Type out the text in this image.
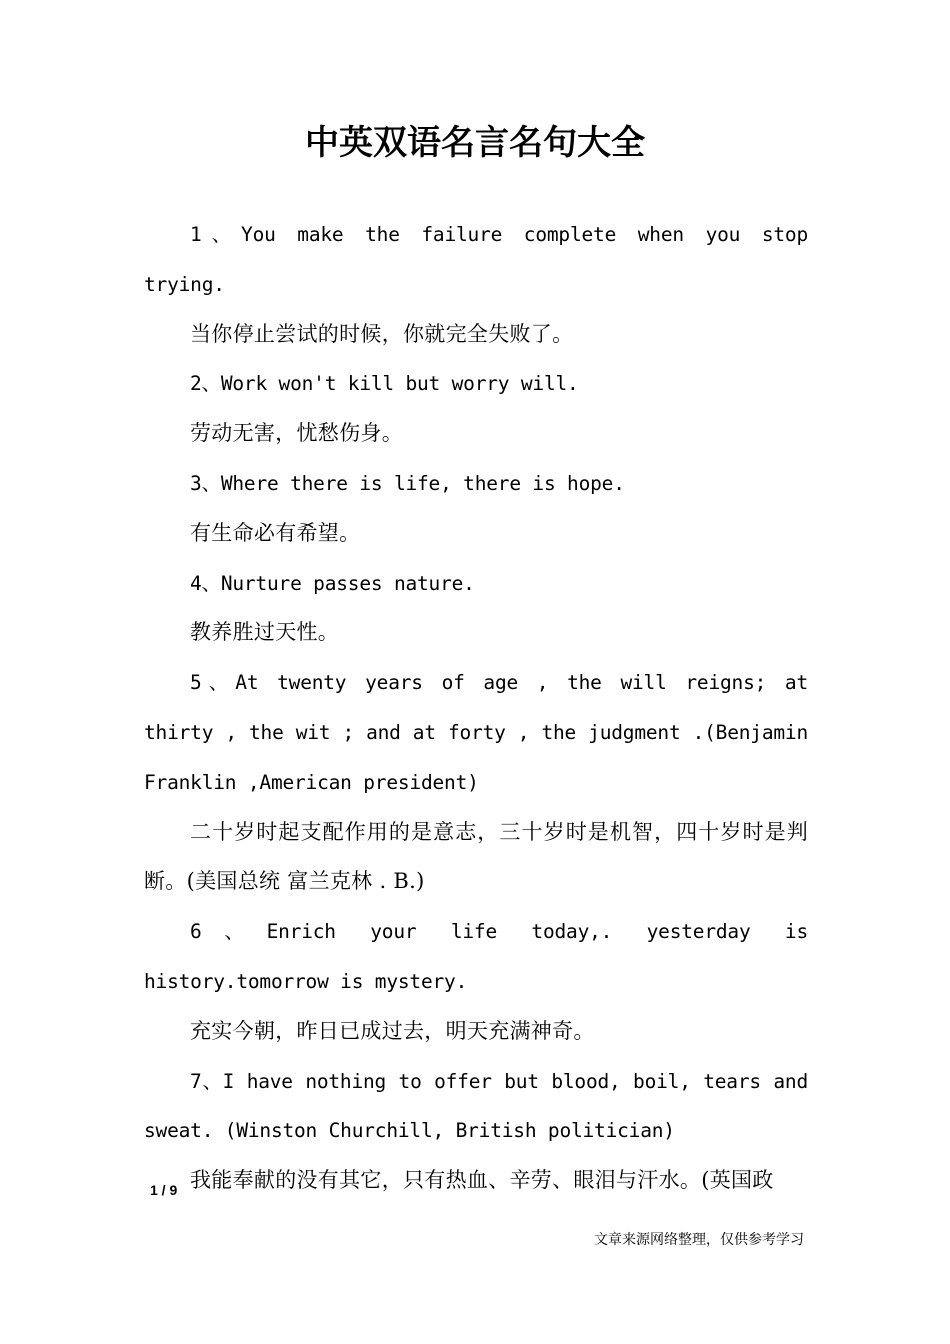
中英双语名言名句大全

1、You make the failure complete when you stop trying.

当你停止尝试的时候，你就完全失败了。

2、Work won't kill but worry will.

劳动无害，忧愁伤身。

3、Where there is life, there is hope.

有生命必有希望。

4、Nurture passes nature.

教养胜过天性。

5、At twenty years of age , the will reigns; at thirty , the wit ; and at forty , the judgment .(Benjamin Franklin ,American president)

二十岁时起支配作用的是意志，三十岁时是机智，四十岁时是判断。(美国总统 富兰克林 . B.)

6、Enrich your life today,. yesterday is history.tomorrow is mystery.

充实今朝，昨日已成过去，明天充满神奇。

7、I have nothing to offer but blood, boil, tears and sweat. (Winston Churchill, British politician)

我能奉献的没有其它，只有热血、辛劳、眼泪与汗水。(英国政

1 / 9
文章来源网络整理，仅供参考学习
